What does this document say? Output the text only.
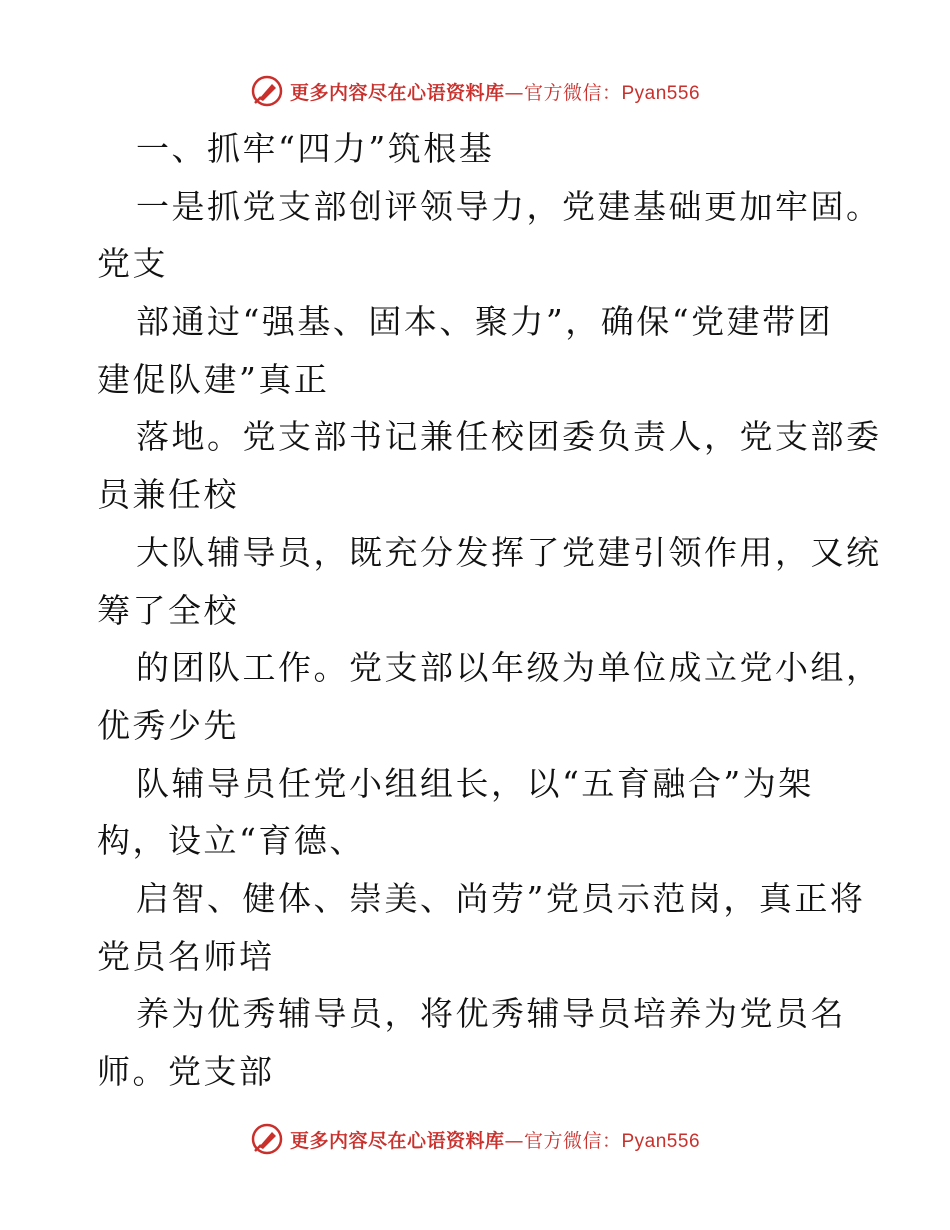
更多内容尽在心语资料库—官方微信：Pyan556
一、抓牢“四力”筑根基
一是抓党支部创评领导力，党建基础更加牢固。
党支
部通过“强基、固本、聚力”，确保“党建带团
建促队建”真正
落地。党支部书记兼任校团委负责人，党支部委
员兼任校
大队辅导员，既充分发挥了党建引领作用，又统
筹了全校
的团队工作。党支部以年级为单位成立党小组，
优秀少先
队辅导员任党小组组长，以“五育融合”为架
构，设立“育德、
启智、健体、崇美、尚劳”党员示范岗，真正将
党员名师培
养为优秀辅导员，将优秀辅导员培养为党员名
师。党支部
更多内容尽在心语资料库—官方微信：Pyan556
